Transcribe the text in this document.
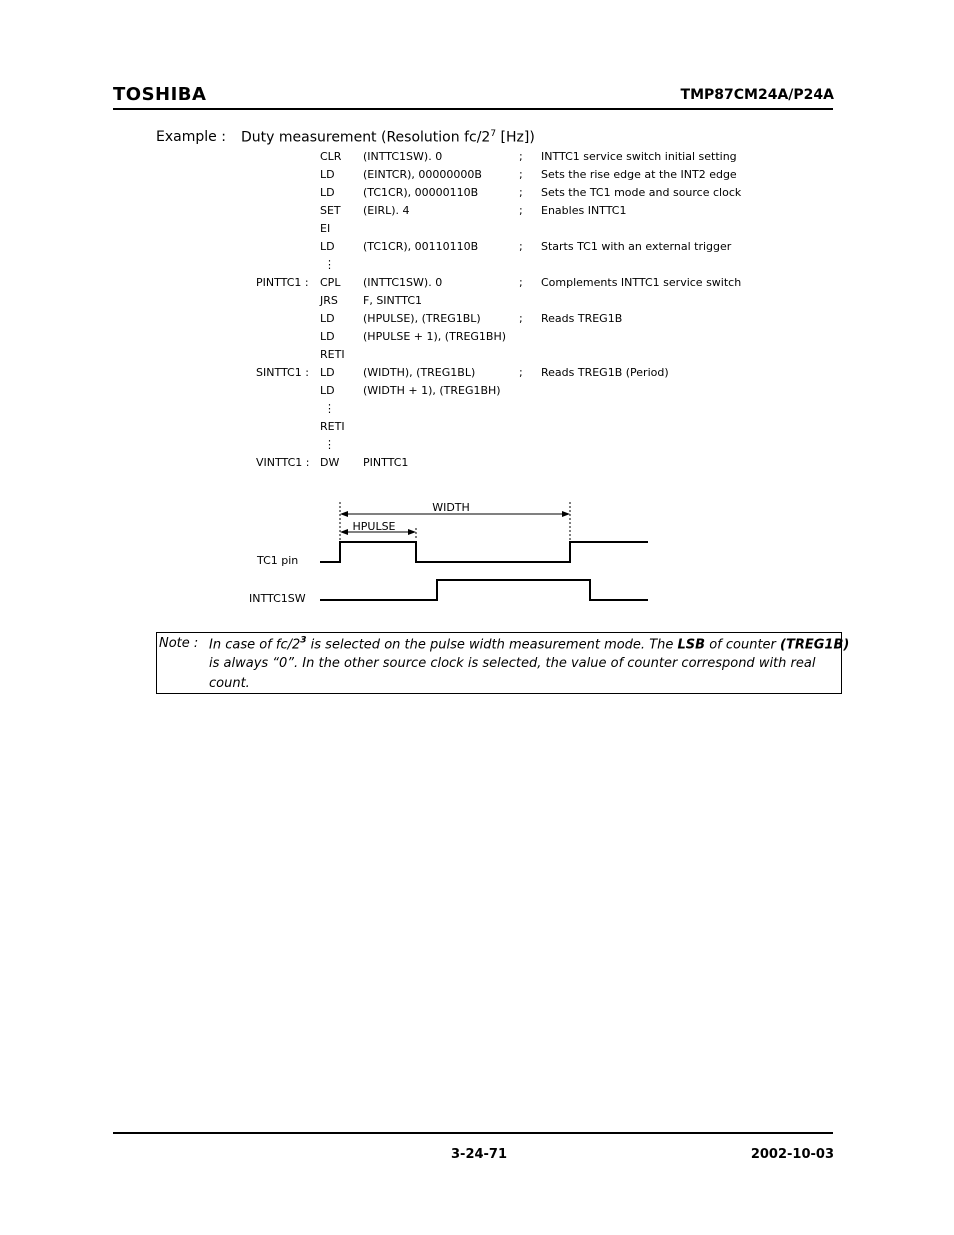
TOSHIBA	TMP87CM24A/P24A
Example : Duty measurement (Resolution $fc/2^7$ [Hz])
CLR (INTTC1SW). 0	; INTTC1 service switch initial setting
LD	(EINTCR), 00000000B	; Sets the rise edge at the INT2 edge
LD	(TC1CR), 00000110B	; Sets the TC1 mode and source clock
SET (EIRL). 4	; Enables INTTC1
EI
LD	(TC1CR), 00110110B	; Starts TC1 with an external trigger
⋮
PINTTC1 : CPL (INTTC1SW). 0	; Complements INTTC1 service switch
JRS F, SINTTC1
LD	(HPULSE), (TREG1BL)	; Reads TREG1B
LD	(HPULSE + 1), (TREG1BH)
RETI
SINTTC1 : LD	(WIDTH), (TREG1BL)	; Reads TREG1B (Period)
LD	(WIDTH + 1), (TREG1BH)
⋮
RETI
⋮
VINTTC1 : DW PINTTC1
WIDTH
HPULSE
TC1 pin
INTTC1SW
Note : In case of $fc/2^3$ is selected on the pulse width measurement mode. The LSB of counter (TREG1B)
is always “0”. In the other source clock is selected, the value of counter correspond with real
count.
3-24-71	2002-10-03
